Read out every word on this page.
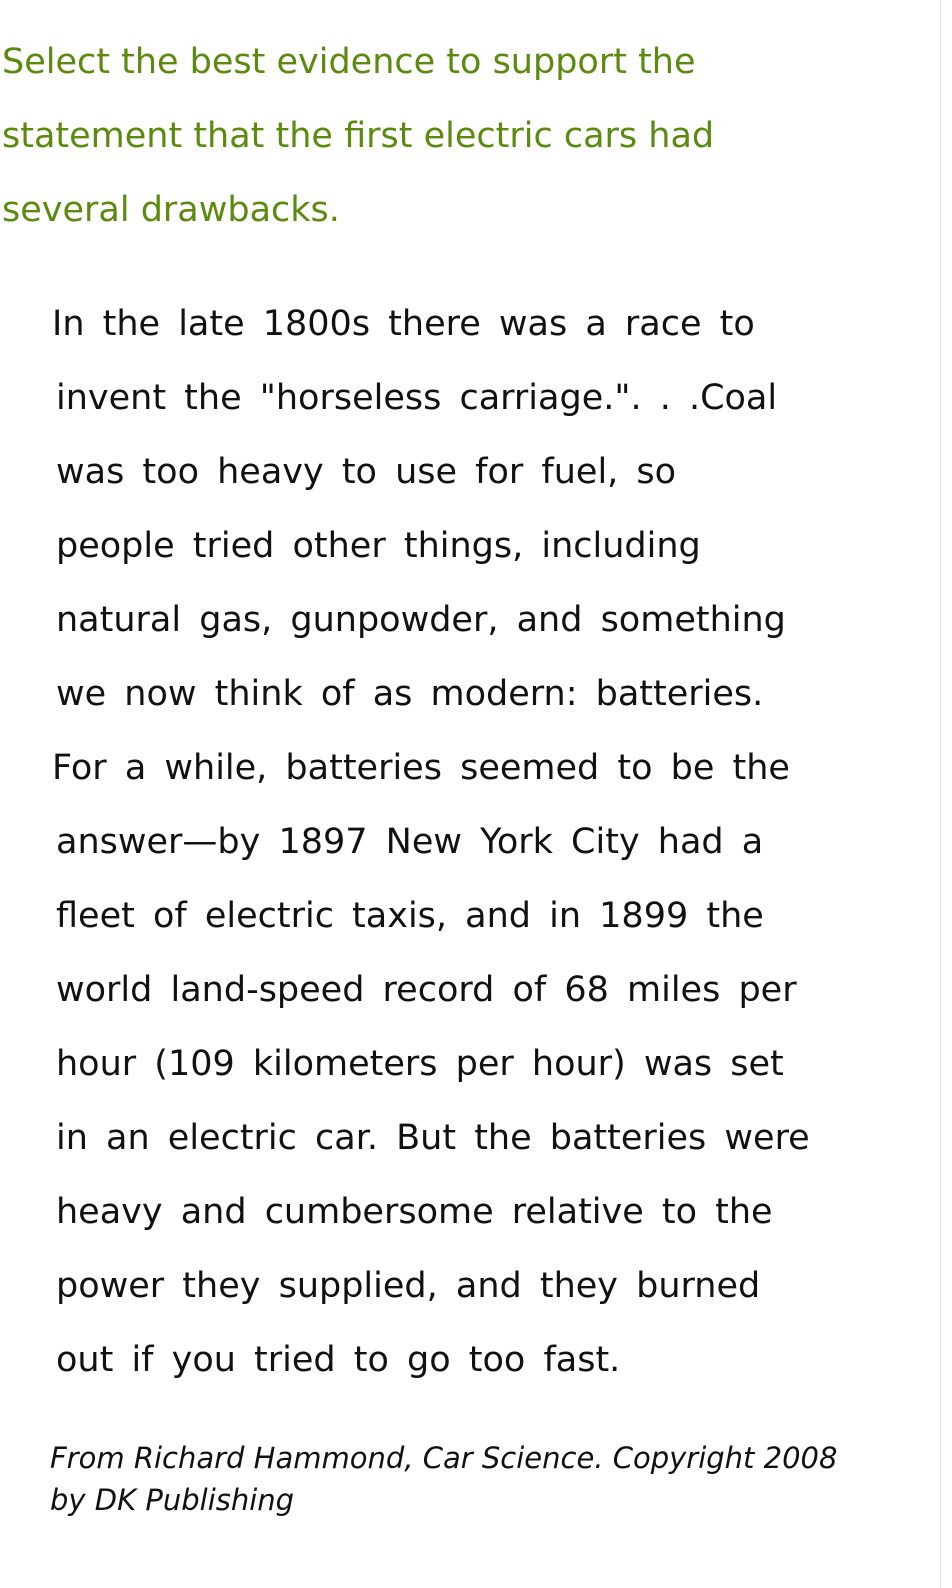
Select the best evidence to support the
statement that the first electric cars had
several drawbacks.
In the late 1800s there was a race to
invent the "horseless carriage.". . .Coal
was too heavy to use for fuel, so
people tried other things, including
natural gas, gunpowder, and something
we now think of as modern: batteries.
For a while, batteries seemed to be the
answer—by 1897 New York City had a
fleet of electric taxis, and in 1899 the
world land-speed record of 68 miles per
hour (109 kilometers per hour) was set
in an electric car. But the batteries were
heavy and cumbersome relative to the
power they supplied, and they burned
out if you tried to go too fast.
From Richard Hammond, Car Science. Copyright 2008
by DK Publishing
